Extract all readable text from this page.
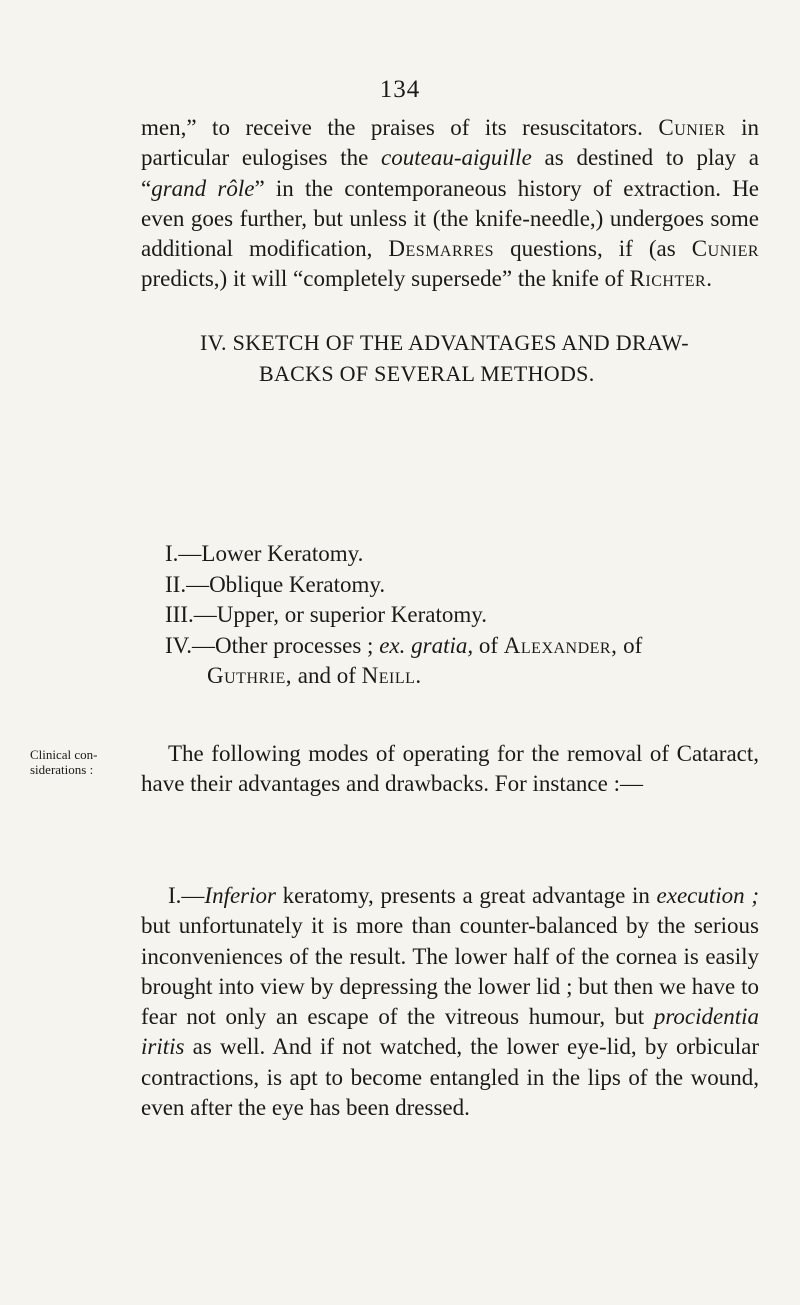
134

men,” to receive the praises of its resuscitators. Cunier in particular eulogises the couteau-aiguille as destined to play a “grand rôle” in the contemporaneous history of extraction. He even goes further, but unless it (the knife-needle,) undergoes some additional modification, Desmarres questions, if (as Cunier predicts,) it will “completely supersede” the knife of Richter.

IV. SKETCH OF THE ADVANTAGES AND DRAW-
BACKS OF SEVERAL METHODS.
I.—Lower Keratomy.
II.—Oblique Keratomy.
III.—Upper, or superior Keratomy.
IV.—Other processes ; ex. gratia, of Alexander, of
Guthrie, and of Neill.
Clinical con-
siderations :

The following modes of operating for the removal of Cataract, have their advantages and drawbacks. For instance :—

I.—Inferior keratomy, presents a great advantage in execution ; but unfortunately it is more than counter-balanced by the serious inconveniences of the result. The lower half of the cornea is easily brought into view by depressing the lower lid ; but then we have to fear not only an escape of the vitreous humour, but procidentia iritis as well. And if not watched, the lower eye-lid, by orbicular contractions, is apt to become entangled in the lips of the wound, even after the eye has been dressed.
